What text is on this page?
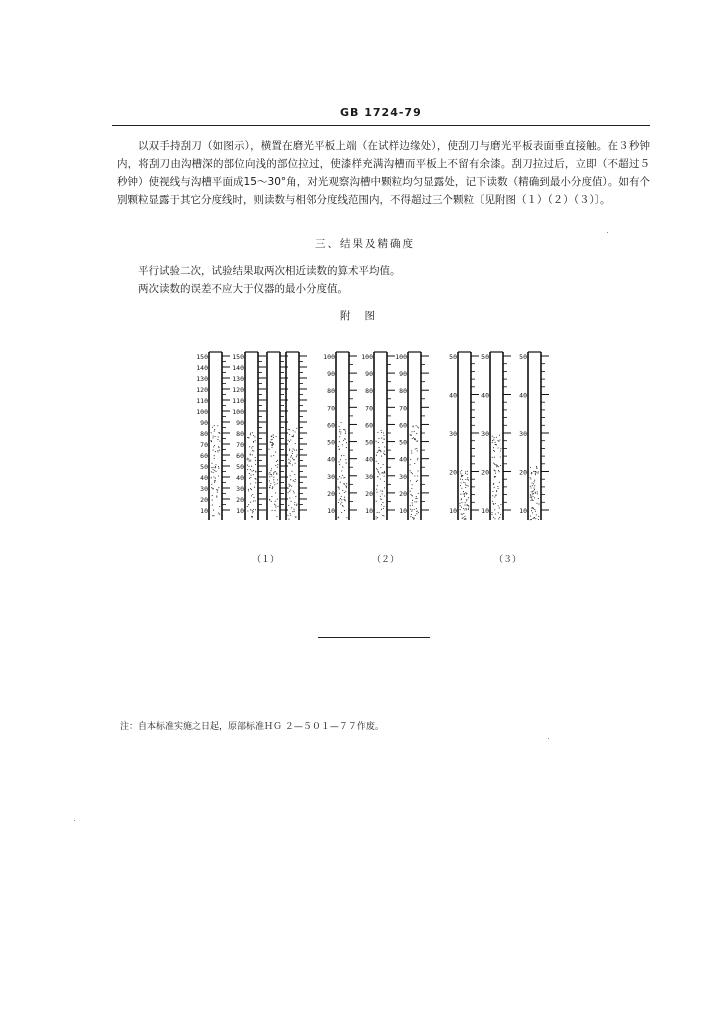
GB 1724-79

以双手持刮刀（如图示），横置在磨光平板上端（在试样边缘处），使刮刀与磨光平板表面垂直接触。在３秒钟内，将刮刀由沟槽深的部位向浅的部位拉过，使漆样充满沟槽而平板上不留有余漆。刮刀拉过后，立即（不超过５秒钟）使视线与沟槽平面成15～30°角，对光观察沟槽中颗粒均匀显露处，记下读数（精确到最小分度值）。如有个别颗粒显露于其它分度线时，则读数与相邻分度线范围内，不得超过三个颗粒〔见附图（１）（２）（３）〕。

三、结果及精确度
平行试验二次，试验结果取两次相近读数的算术平均值。
两次读数的误差不应大于仪器的最小分度值。
附图
150
140
130
120
110
100
90
80
70
60
50
40
30
20
10
150
140
130
120
110
100
90
80
70
60
50
40
30
20
10
100
90
80
70
60
50
40
30
20
10
100
90
80
70
60
50
40
30
20
10
100
90
80
70
60
50
40
30
20
10
50
40
30
20
10
50
40
30
20
10
50
40
30
20
10
（１）	（２）	（３）
注：自本标准实施之日起，原部标准ＨＧ ２—５０１—７７作废。
